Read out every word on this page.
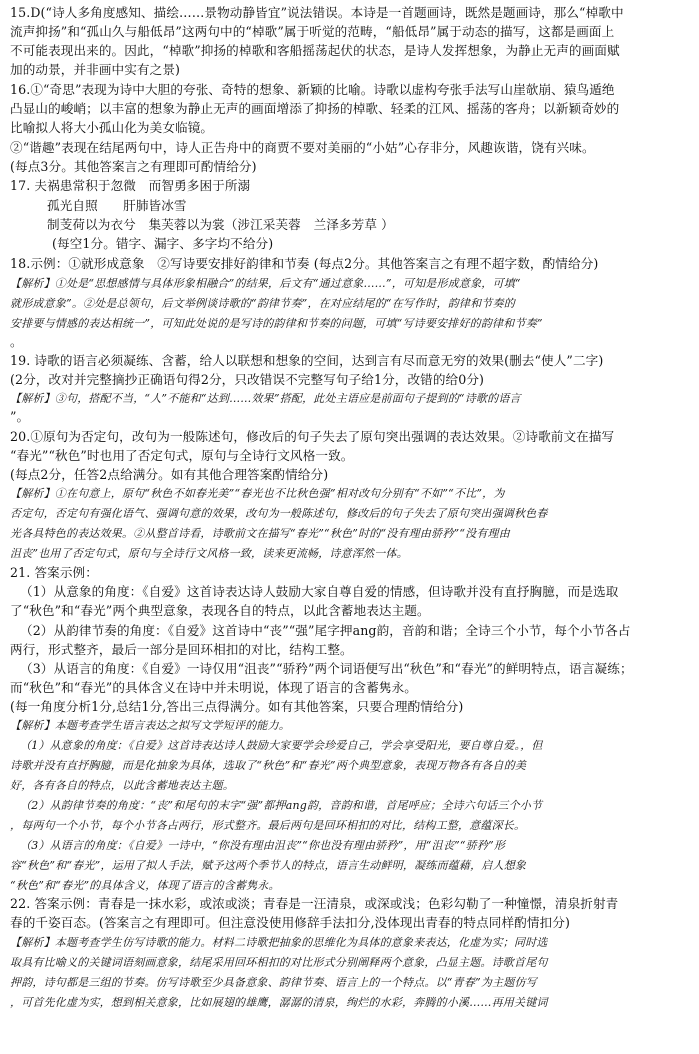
15.D(“诗人多角度感知、描绘……景物动静皆宜”说法错误。本诗是一首题画诗，既然是题画诗，那么“棹歌中
流声抑扬”和“孤山久与船低昂”这两句中的“棹歌”属于听觉的范畴，“船低昂”属于动态的描写，这都是画面上
不可能表现出来的。因此，“棹歌”抑扬的棹歌和客船摇荡起伏的状态，是诗人发挥想象，为静止无声的画面赋
加的动景，并非画中实有之景)
16.①“奇思”表现为诗中大胆的夸张、奇特的想象、新颖的比喻。诗歌以虚构夸张手法写山崖欹崩、猿鸟遁绝
凸显山的峻峭；以丰富的想象为静止无声的画面增添了抑扬的棹歌、轻柔的江风、摇荡的客舟；以新颖奇妙的
比喻拟人将大小孤山化为美女临镜。
②“谐趣”表现在结尾两句中，诗人正告舟中的商贾不要对美丽的“小姑”心存非分，风趣诙谐，饶有兴味。
(每点3分。其他答案言之有理即可酌情给分)
17. 夫祸患常积于忽微　而智勇多困于所溺
孤光自照　　肝肺皆冰雪
制芰荷以为衣兮　集芙蓉以为裳（涉江采芙蓉　兰泽多芳草 ）
(每空1分。错字、漏字、多字均不给分)
18.示例：①就形成意象　②写诗要安排好韵律和节奏 (每点2分。其他答案言之有理不超字数，酌情给分)
【解析】①处是“思想感情与具体形象相融合”的结果，后文有“通过意象……”，可知是形成意象，可填“
就形成意象”。②处是总领句，后文举例谈诗歌的“韵律节奏”，在对应结尾的“在写作时，韵律和节奏的
安排要与情感的表达相统一”，可知此处说的是写诗的韵律和节奏的问题，可填“写诗要安排好的韵律和节奏”
。
19. 诗歌的语言必须凝练、含蓄，给人以联想和想象的空间，达到言有尽而意无穷的效果(删去“使人”二字)
(2分，改对并完整摘抄正确语句得2分，只改错误不完整写句子给1分，改错的给0分)
【解析】③句，搭配不当，“人”不能和“达到……效果”搭配，此处主语应是前面句子提到的“诗歌的语言
”。
20.①原句为否定句，改句为一般陈述句，修改后的句子失去了原句突出强调的表达效果。②诗歌前文在描写
“春光”“秋色”时也用了否定句式，原句与全诗行文风格一致。
(每点2分，任答2点给满分。如有其他合理答案酌情给分)
【解析】①在句意上，原句“秋色不如春光美”“春光也不比秋色强”相对改句分别有“不如”“不比”，为
否定句，否定句有强化语气、强调句意的效果，改句为一般陈述句，修改后的句子失去了原句突出强调秋色春
光各具特色的表达效果。②从整首诗看，诗歌前文在描写“春光”“秋色”时的“没有理由骄矜”“没有理由
沮丧”也用了否定句式，原句与全诗行文风格一致，读来更流畅，诗意浑然一体。
21. 答案示例：
（1）从意象的角度：《自爱》这首诗表达诗人鼓励大家自尊自爱的情感，但诗歌并没有直抒胸臆，而是选取
了“秋色”和“春光”两个典型意象，表现各自的特点，以此含蓄地表达主题。
（2）从韵律节奏的角度：《自爱》这首诗中“丧”“强”尾字押ang韵，音韵和谐；全诗三个小节，每个小节各占
两行，形式整齐，最后一部分是回环相扣的对比，结构工整。
（3）从语言的角度：《自爱》一诗仅用“沮丧”“骄矜”两个词语便写出“秋色”和“春光”的鲜明特点，语言凝练；
而“秋色”和“春光”的具体含义在诗中并未明说，体现了语言的含蓄隽永。
(每一角度分析1分,总结1分,答出三点得满分。如有其他答案，只要合理酌情给分)
【解析】本题考查学生语言表达之拟写文学短评的能力。
（1）从意象的角度：《自爱》这首诗表达诗人鼓励大家要学会珍爱自己，学会享受阳光，要自尊自爱。，但
诗歌并没有直抒胸臆，而是化抽象为具体，选取了“秋色”和“春光”两个典型意象，表现万物各有各自的美
好，各有各自的特点，以此含蓄地表达主题。
（2）从韵律节奏的角度：“丧”和尾句的末字“强”都押ang韵，音韵和谐，首尾呼应；全诗六句话三个小节
，每两句一个小节，每个小节各占两行，形式整齐。最后两句是回环相扣的对比，结构工整，意蕴深长。
（3）从语言的角度：《自爱》一诗中，“你没有理由沮丧”“你也没有理由骄矜”，用“沮丧”“骄矜”形
容“秋色”和“春光”，运用了拟人手法，赋予这两个季节人的特点，语言生动鲜明，凝练而蕴藉，启人想象
“秋色”和“春光”的具体含义，体现了语言的含蓄隽永。
22. 答案示例：青春是一抹水彩，或浓或淡；青春是一汪清泉，或深或浅；色彩勾勒了一种憧憬，清泉折射青
春的千姿百态。(答案言之有理即可。但注意没使用修辞手法扣分,没体现出青春的特点同样酌情扣分)
【解析】本题考查学生仿写诗歌的能力。材料二诗歌把抽象的思维化为具体的意象来表达，化虚为实；同时选
取具有比喻义的关键词语刻画意象，结尾采用回环相扣的对比形式分别阐释两个意象，凸显主题。诗歌首尾句
押韵，诗句都是三组的节奏。仿写诗歌至少具备意象、韵律节奏、语言上的一个特点。以“青春”为主题仿写
，可首先化虚为实，想到相关意象，比如展翅的雄鹰，潺潺的清泉，绚烂的水彩，奔腾的小溪……再用关键词
